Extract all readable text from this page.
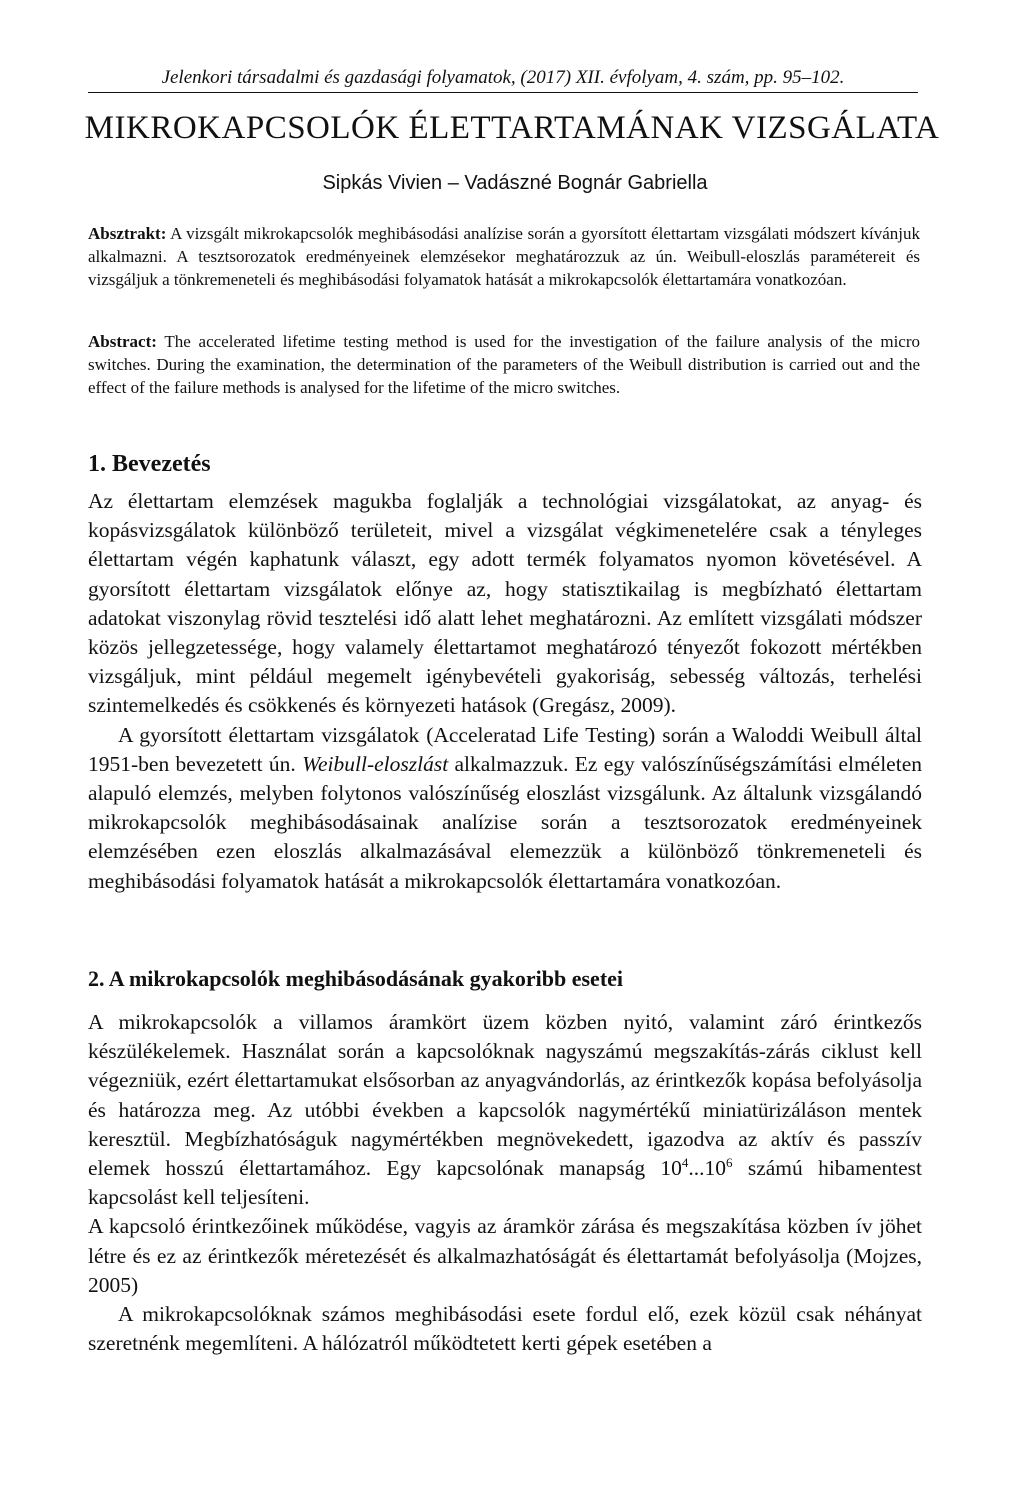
Jelenkori társadalmi és gazdasági folyamatok, (2017) XII. évfolyam, 4. szám, pp. 95–102.
MIKROKAPCSOLÓK ÉLETTARTAMÁNAK VIZSGÁLATA
Sipkás Vivien – Vadászné Bognár Gabriella

Absztrakt: A vizsgált mikrokapcsolók meghibásodási analízise során a gyorsított élettartam vizsgálati módszert kívánjuk alkalmazni. A tesztsorozatok eredményeinek elemzésekor meghatározzuk az ún. Weibull-eloszlás paramétereit és vizsgáljuk a tönkremeneteli és meghibásodási folyamatok hatását a mikrokapcsolók élettartamára vonatkozóan.

Abstract: The accelerated lifetime testing method is used for the investigation of the failure analysis of the micro switches. During the examination, the determination of the parameters of the Weibull distribution is carried out and the effect of the failure methods is analysed for the lifetime of the micro switches.

1. Bevezetés

Az élettartam elemzések magukba foglalják a technológiai vizsgálatokat, az anyag- és kopásvizsgálatok különböző területeit, mivel a vizsgálat végkimenetelére csak a tényleges élettartam végén kaphatunk választ, egy adott termék folyamatos nyomon követésével. A gyorsított élettartam vizsgálatok előnye az, hogy statisztikailag is megbízható élettartam adatokat viszonylag rövid tesztelési idő alatt lehet meghatározni. Az említett vizsgálati módszer közös jellegzetessége, hogy valamely élettartamot meghatározó tényezőt fokozott mértékben vizsgáljuk, mint például megemelt igénybevételi gyakoriság, sebesség változás, terhelési szintemelkedés és csökkenés és környezeti hatások (Gregász, 2009).

A gyorsított élettartam vizsgálatok (Acceleratad Life Testing) során a Waloddi Weibull által 1951-ben bevezetett ún. Weibull-eloszlást alkalmazzuk. Ez egy valószínűségszámítási elméleten alapuló elemzés, melyben folytonos valószínűség eloszlást vizsgálunk. Az általunk vizsgálandó mikrokapcsolók meghibásodásainak analízise során a tesztsorozatok eredményeinek elemzésében ezen eloszlás alkalmazásával elemezzük a különböző tönkremeneteli és meghibásodási folyamatok hatását a mikrokapcsolók élettartamára vonatkozóan.

2. A mikrokapcsolók meghibásodásának gyakoribb esetei

A mikrokapcsolók a villamos áramkört üzem közben nyitó, valamint záró érintkezős készülékelemek. Használat során a kapcsolóknak nagyszámú megszakítás-zárás ciklust kell végezniük, ezért élettartamukat elsősorban az anyagvándorlás, az érintkezők kopása befolyásolja és határozza meg. Az utóbbi években a kapcsolók nagymértékű miniatürizáláson mentek keresztül. Megbízhatóságuk nagymértékben megnövekedett, igazodva az aktív és passzív elemek hosszú élettartamához. Egy kapcsolónak manapság $10^4...10^6$ számú hibamentest kapcsolást kell teljesíteni.

A kapcsoló érintkezőinek működése, vagyis az áramkör zárása és megszakítása közben ív jöhet létre és ez az érintkezők méretezését és alkalmazhatóságát és élettartamát befolyásolja (Mojzes, 2005)

A mikrokapcsolóknak számos meghibásodási esete fordul elő, ezek közül csak néhányat szeretnénk megemlíteni. A hálózatról működtetett kerti gépek esetében a
